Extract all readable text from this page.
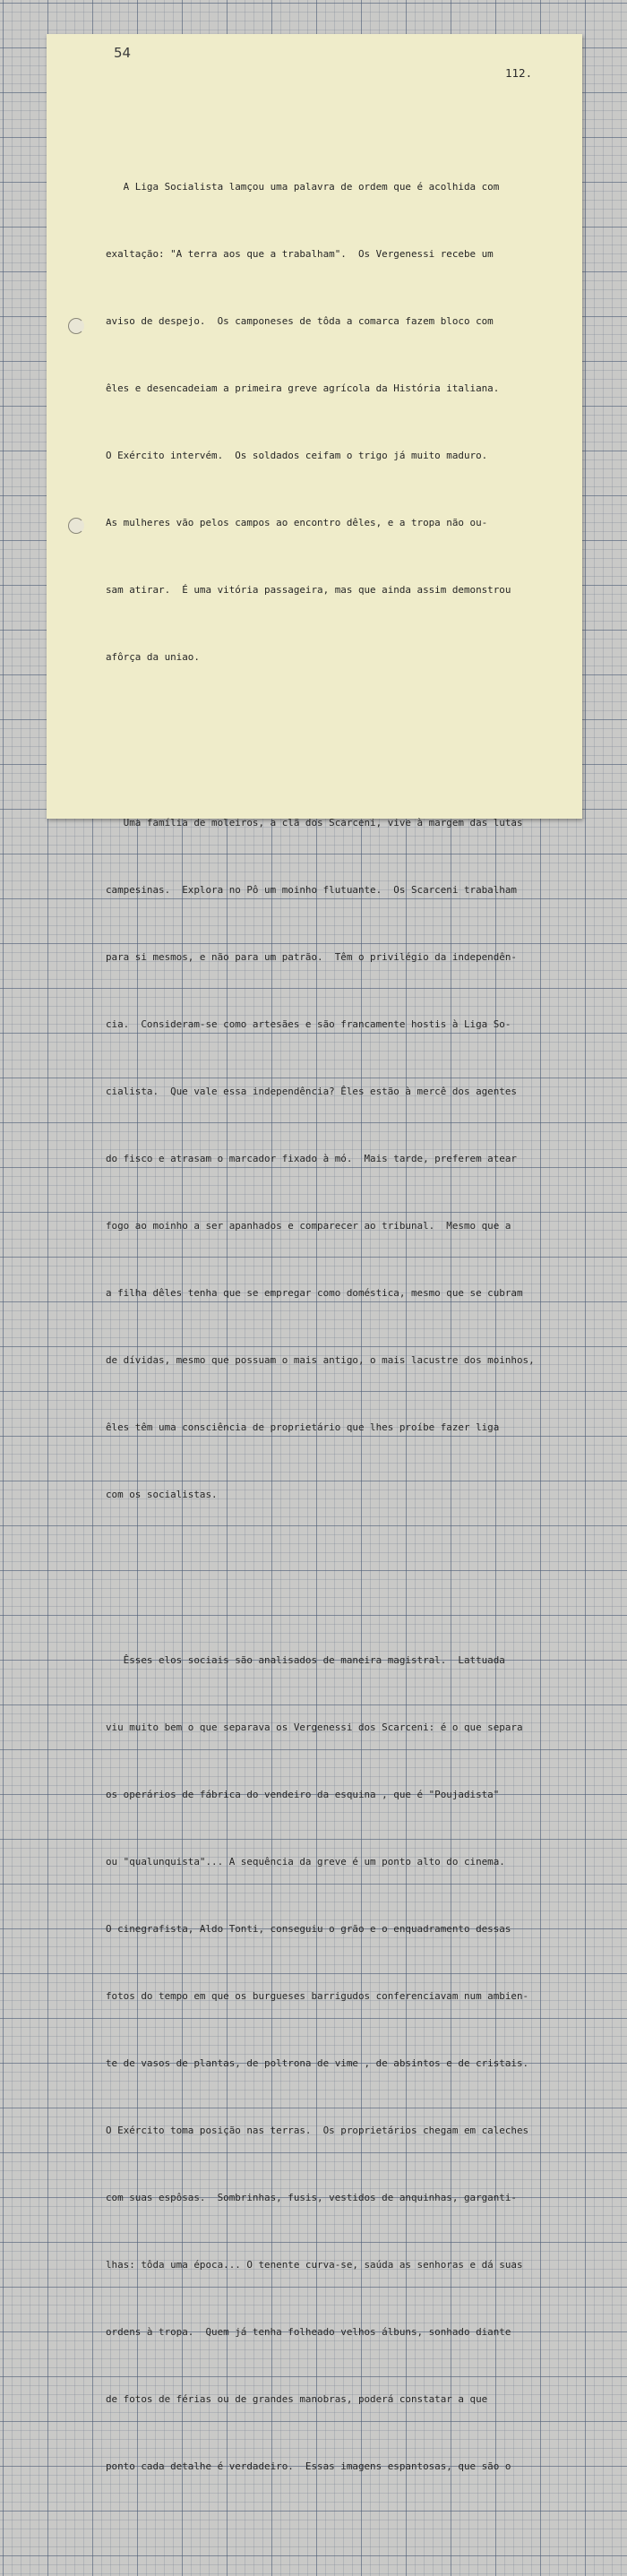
54
112.

A Liga Socialista lamçou uma palavra de ordem que é acolhida com

exaltação: "A terra aos que a trabalham".  Os Vergenessi recebe um

aviso de despejo.  Os camponeses de tôda a comarca fazem bloco com

êles e desencadeiam a primeira greve agrícola da História italiana.

O Exército intervém.  Os soldados ceifam o trigo já muito maduro.

As mulheres vão pelos campos ao encontro dêles, e a tropa não ou-

sam atirar.  É uma vitória passageira, mas que ainda assim demonstrou

afôrça da uniao.

Uma família de moleiros, a clã dos Scarceni, vive à margem das lutas

campesinas.  Explora no Pô um moinho flutuante.  Os Scarceni trabalham

para si mesmos, e não para um patrão.  Têm o privilégio da independên-

cia.  Consideram-se como artesães e são francamente hostis à Liga So-

cialista.  Que vale essa independência? Êles estão à mercê dos agentes

do fisco e atrasam o marcador fixado à mó.  Mais tarde, preferem atear

fogo ao moinho a ser apanhados e comparecer ao tribunal.  Mesmo que a

a filha dêles tenha que se empregar como doméstica, mesmo que se cubram

de dívidas, mesmo que possuam o mais antigo, o mais lacustre dos moinhos,

êles têm uma consciência de proprietário que lhes proíbe fazer liga

com os socialistas.

Êsses elos sociais são analisados de maneira magistral.  Lattuada

viu muito bem o que separava os Vergenessi dos Scarceni: é o que separa

os operários de fábrica do vendeiro da esquina , que é "Poujadista"

ou "qualunquista"... A sequência da greve é um ponto alto do cinema.

O cinegrafista, Aldo Tonti, conseguiu o grão e o enquadramento dessas

fotos do tempo em que os burgueses barrigudos conferenciavam num ambien-

te de vasos de plantas, de poltrona de vime , de absintos e de cristais.

O Exército toma posição nas terras.  Os proprietários chegam em caleches

com suas espôsas.  Sombrinhas, fusis, vestidos de anquinhas, garganti-

lhas: tôda uma época... O tenente curva-se, saúda as senhoras e dá suas

ordens à tropa.  Quem já tenha folheado velhos álbuns, sonhado diante

de fotos de férias ou de grandes manobras, poderá constatar a que

ponto cada detalhe é verdadeiro.  Essas imagens espantosas, que são o
